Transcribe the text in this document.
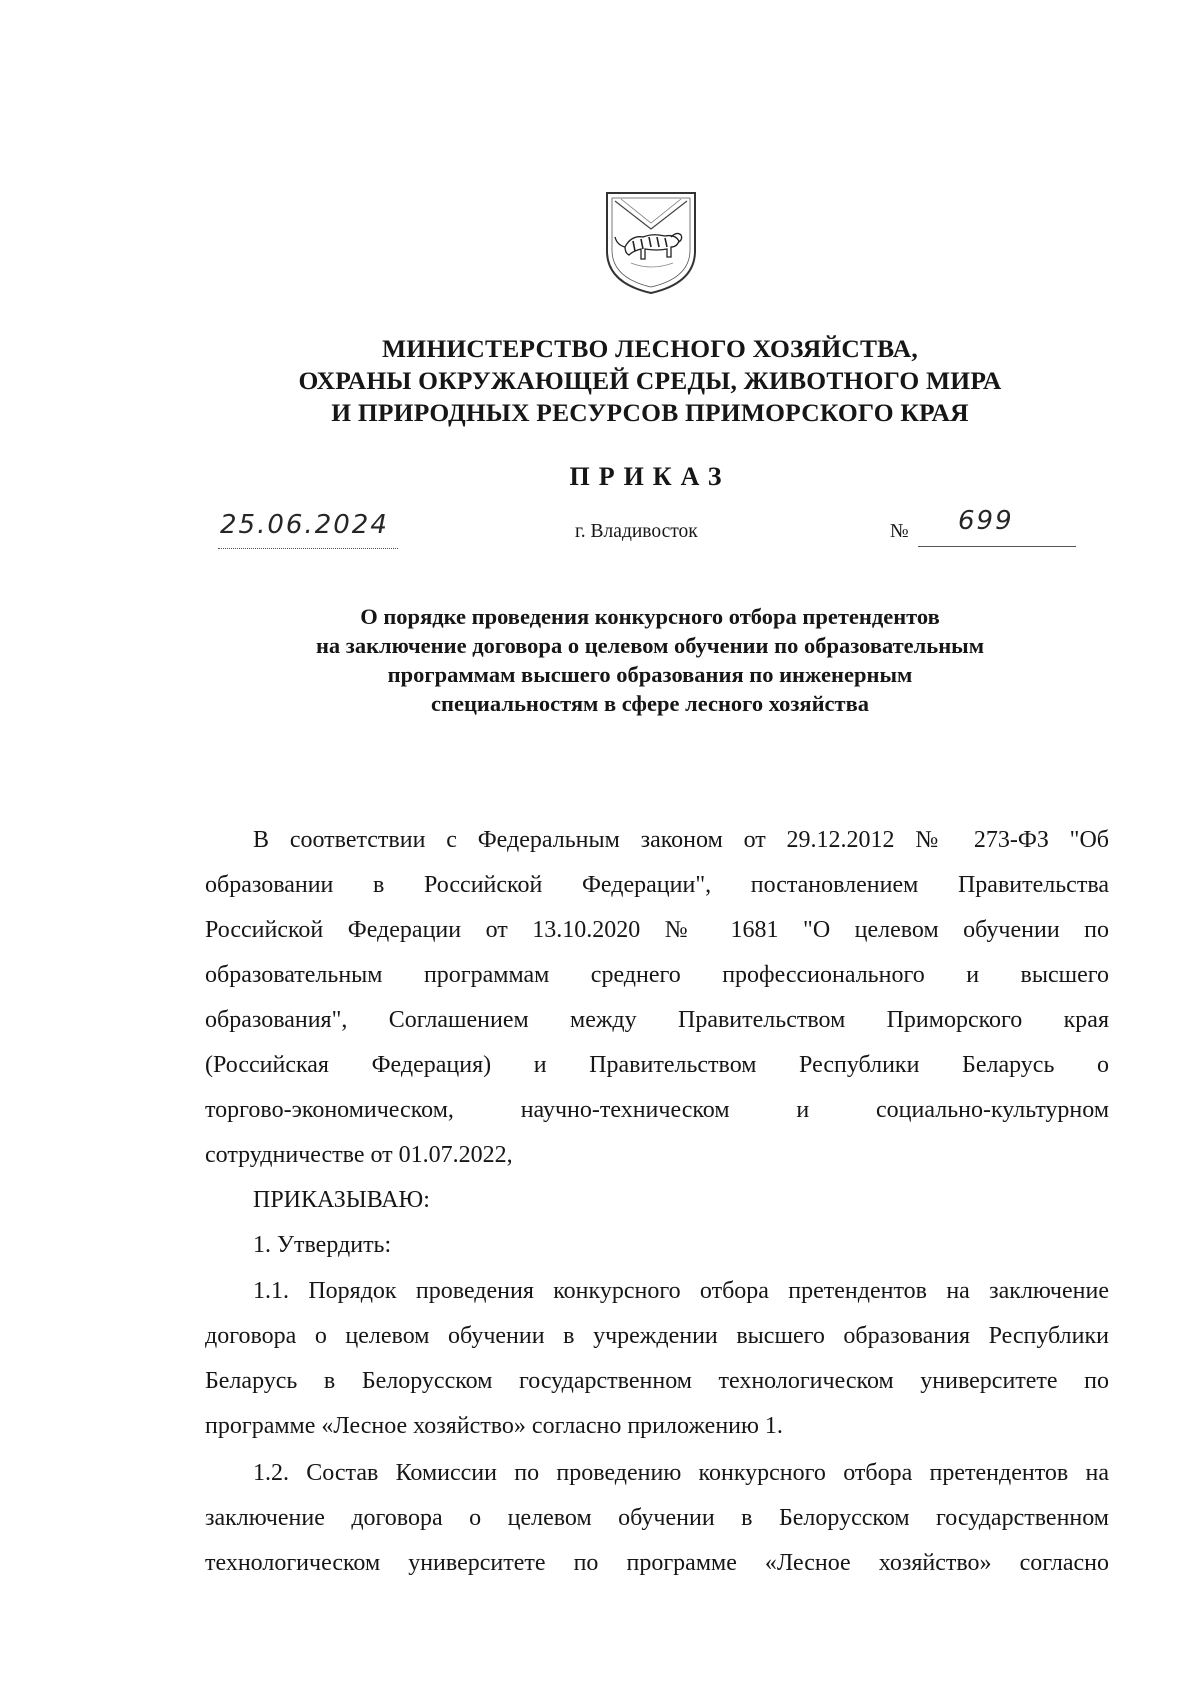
МИНИСТЕРСТВО ЛЕСНОГО ХОЗЯЙСТВА,
ОХРАНЫ ОКРУЖАЮЩЕЙ СРЕДЫ, ЖИВОТНОГО МИРА
И ПРИРОДНЫХ РЕСУРСОВ ПРИМОРСКОГО КРАЯ
ПРИКАЗ
25.06.2024	г. Владивосток	№ 699
О порядке проведения конкурсного отбора претендентов
на заключение договора о целевом обучении по образовательным
программам высшего образования по инженерным
специальностям в сфере лесного хозяйства
В соответствии с Федеральным законом от 29.12.2012 № 273-ФЗ "Об
образовании в Российской Федерации", постановлением Правительства
Российской Федерации от 13.10.2020 № 1681 "О целевом обучении по
образовательным программам среднего профессионального и высшего
образования", Соглашением между Правительством Приморского края
(Российская Федерация) и Правительством Республики Беларусь о
торгово-экономическом, научно-техническом и социально-культурном
сотрудничестве от 01.07.2022,
ПРИКАЗЫВАЮ:
1. Утвердить:
1.1. Порядок проведения конкурсного отбора претендентов на заключение
договора о целевом обучении в учреждении высшего образования Республики
Беларусь в Белорусском государственном технологическом университете по
программе «Лесное хозяйство» согласно приложению 1.
1.2. Состав Комиссии по проведению конкурсного отбора претендентов на
заключение договора о целевом обучении в Белорусском государственном
технологическом университете по программе «Лесное хозяйство» согласно
